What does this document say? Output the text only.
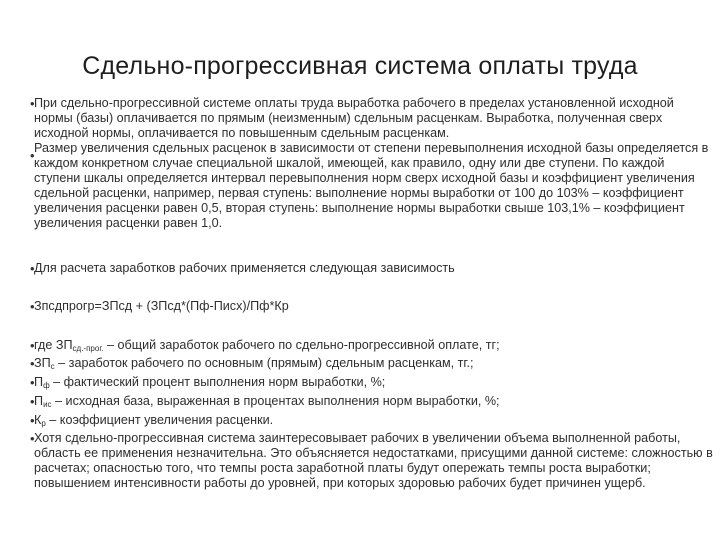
Сдельно-прогрессивная система оплаты труда
•
•
•
•
•
•
•
•
•
•
При сдельно-прогрессивной системе оплаты труда выработка рабочего в пределах установленной исходной нормы (базы) оплачивается по прямым (неизменным) сдельным расценкам. Выработка, полученная сверх исходной нормы, оплачивается по повышенным сдельным расценкам.
Размер увеличения сдельных расценок в зависимости от степени перевыполнения исходной базы определяется в каждом конкретном случае специальной шкалой, имеющей, как правило, одну или две ступени. По каждой ступени шкалы определяется интервал перевыполнения норм сверх исходной базы и коэффициент увеличения сдельной расценки, например, первая ступень: выполнение нормы выработки от 100 до 103% – коэффициент увеличения расценки равен 0,5, вторая ступень: выполнение нормы выработки свыше 103,1% – коэффициент увеличения расценки равен 1,0.
Для расчета заработков рабочих применяется следующая зависимость
Зпсдпрогр=ЗПсд + (ЗПсд*(Пф-Писх)/Пф*Кр
где $ЗП_{сд.-прог.}$ – общий заработок рабочего по сдельно-прогрессивной оплате, тг;
$ЗП_с$ – заработок рабочего по основным (прямым) сдельным расценкам, тг.;
$П_ф$ – фактический процент выполнения норм выработки, %;
$П_{ис}$ – исходная база, выраженная в процентах выполнения норм выработки, %;
$К_р$ – коэффициент увеличения расценки.
Хотя сдельно-прогрессивная система заинтересовывает рабочих в увеличении объема выполненной работы, область ее применения незначительна. Это объясняется недостатками, присущими данной системе: сложностью в расчетах; опасностью того, что темпы роста заработной платы будут опережать темпы роста выработки; повышением интенсивности работы до уровней, при которых здоровью рабочих будет причинен ущерб.
